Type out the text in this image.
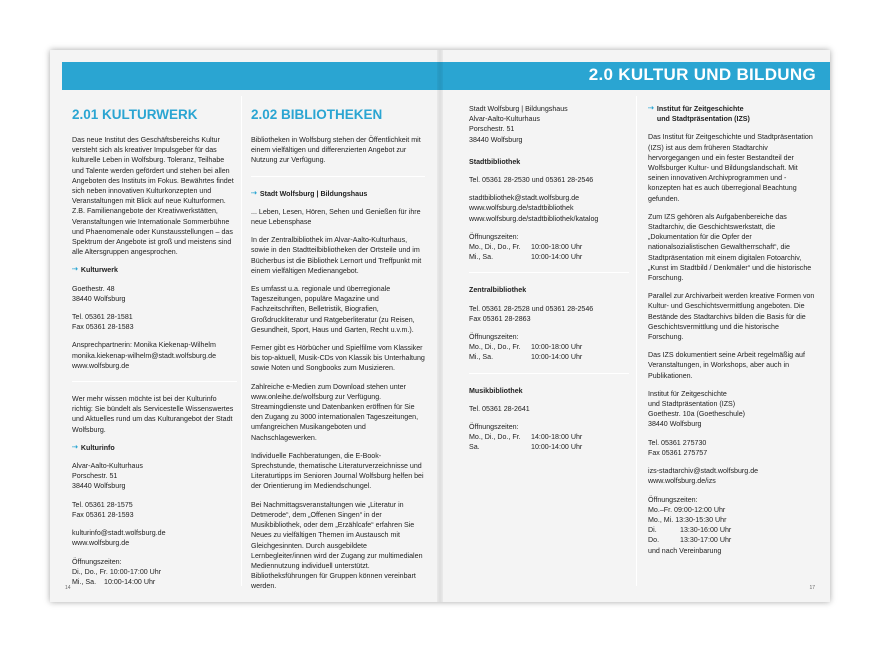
2.0 KULTUR UND BILDUNG
2.01 KULTURWERK

Das neue Institut des Geschäftsbereichs Kultur versteht sich als kreativer Impulsgeber für das kulturelle Leben in Wolfsburg. Toleranz, Teilhabe und Talente werden gefördert und stehen bei allen Angeboten des Instituts im Fokus. Bewährtes findet sich neben innovativen Kulturkonzepten und Veranstaltungen mit Blick auf neue Kulturformen. Z.B. Familienangebote der Kreativwerkstätten, Veranstaltungen wie Internationale Sommerbühne und Phaenomenale oder Kunstausstellungen – das Spektrum der Angebote ist groß und meistens sind alle Altersgruppen angesprochen.

⇢ Kulturwerk

Goethestr. 48
38440 Wolfsburg

Tel. 05361 28-1581
Fax 05361 28-1583

Ansprechpartnerin: Monika Kiekenap-Wilhelm
monika.kiekenap-wilhelm@stadt.wolfsburg.de
www.wolfsburg.de

Wer mehr wissen möchte ist bei der Kulturinfo richtig: Sie bündelt als Servicestelle Wissenswertes und Aktuelles rund um das Kulturangebot der Stadt Wolfsburg.

⇢ Kulturinfo

Alvar-Aalto-Kulturhaus
Porschestr. 51
38440 Wolfsburg

Tel. 05361 28-1575
Fax 05361 28-1593

kulturinfo@stadt.wolfsburg.de
www.wolfsburg.de

Öffnungszeiten:
Di., Do., Fr. 10:00-17:00 Uhr
Mi., Sa.	10:00-14:00 Uhr
2.02 BIBLIOTHEKEN

Bibliotheken in Wolfsburg stehen der Öffentlichkeit mit einem vielfältigen und differenzierten Angebot zur Nutzung zur Verfügung.

⇢ Stadt Wolfsburg | Bildungshaus

... Leben, Lesen, Hören, Sehen und Genießen für ihre neue Lebensphase

In der Zentralbibliothek im Alvar-Aalto-Kulturhaus, sowie in den Stadtteilbibliotheken der Ortsteile und im Bücherbus ist die Bibliothek Lernort und Treffpunkt mit einem vielfältigen Medienangebot.

Es umfasst u.a. regionale und überregionale Tageszeitungen, populäre Magazine und Fachzeitschriften, Belletristik, Biografien, Großdruckliteratur und Ratgeberliteratur (zu Reisen, Gesundheit, Sport, Haus und Garten, Recht u.v.m.).

Ferner gibt es Hörbücher und Spielfilme vom Klassiker bis top-aktuell, Musik-CDs von Klassik bis Unterhaltung sowie Noten und Songbooks zum Musizieren.

Zahlreiche e-Medien zum Download stehen unter www.onleihe.de/wolfsburg zur Verfügung. Streamingdienste und Datenbanken eröffnen für Sie den Zugang zu 3000 internationalen Tageszeitungen, umfangreichen Musikangeboten und Nachschlagewerken.

Individuelle Fachberatungen, die E-Book-Sprechstunde, thematische Literaturverzeichnisse und Literaturtipps im Senioren Journal Wolfsburg helfen bei der Orientierung im Mediendschungel.

Bei Nachmittagsveranstaltungen wie „Literatur in Detmerode“, dem „Offenen Singen“ in der Musikbibliothek, oder dem „Erzählcafe“ erfahren Sie Neues zu vielfältigen Themen im Austausch mit Gleichgesinnten. Durch ausgebildete Lernbegleiter/innen wird der Zugang zur multimedialen Mediennutzung individuell unterstützt. Bibliotheksführungen für Gruppen können vereinbart werden.

Stadt Wolfsburg | Bildungshaus
Alvar-Aalto-Kulturhaus
Porschestr. 51
38440 Wolfsburg

Stadtbibliothek

Tel. 05361 28-2530 und 05361 28-2546

stadtbibliothek@stadt.wolfsburg.de
www.wolfsburg.de/stadtbibliothek
www.wolfsburg.de/stadtbibliothek/katalog

Öffnungszeiten:
Mo., Di., Do., Fr.	10:00-18:00 Uhr
Mi., Sa.	10:00-14:00 Uhr
Zentralbibliothek

Tel. 05361 28-2528 und 05361 28-2546
Fax 05361 28-2863

Öffnungszeiten:
Mo., Di., Do., Fr.	10:00-18:00 Uhr
Mi., Sa.	10:00-14:00 Uhr
Musikbibliothek

Tel. 05361 28-2641

Öffnungszeiten:
Mo., Di., Do., Fr.	14:00-18:00 Uhr
Sa.	10:00-14:00 Uhr
⇢ Institut für Zeitgeschichte
und Stadtpräsentation (IZS)

Das Institut für Zeitgeschichte und Stadtpräsentation (IZS) ist aus dem früheren Stadtarchiv hervorgegangen und ein fester Bestandteil der Wolfsburger Kultur- und Bildungslandschaft. Mit seinen innovativen Archivprogrammen und -konzepten hat es auch überregional Beachtung gefunden.

Zum IZS gehören als Aufgabenbereiche das Stadtarchiv, die Geschichtswerkstatt, die „Dokumentation für die Opfer der nationalsozialistischen Gewaltherrschaft“, die Stadtpräsentation mit einem digitalen Fotoarchiv, „Kunst im Stadtbild / Denkmäler“ und die historische Forschung.

Parallel zur Archivarbeit werden kreative Formen von Kultur- und Geschichtsvermittlung angeboten. Die Bestände des Stadtarchivs bilden die Basis für die Geschichtsvermittlung und die historische Forschung.

Das IZS dokumentiert seine Arbeit regelmäßig auf Veranstaltungen, in Workshops, aber auch in Publikationen.

Institut für Zeitgeschichte
und Stadtpräsentation (IZS)
Goethestr. 10a (Goetheschule)
38440 Wolfsburg

Tel. 05361 275730
Fax 05361 275757

izs-stadtarchiv@stadt.wolfsburg.de
www.wolfsburg.de/izs

Öffnungszeiten:
Mo.–Fr. 09:00-12:00 Uhr
Mo., Mi. 13:30-15:30 Uhr
Di.	13:30-16:00 Uhr
Do.	13:30-17:00 Uhr
und nach Vereinbarung
14	17
